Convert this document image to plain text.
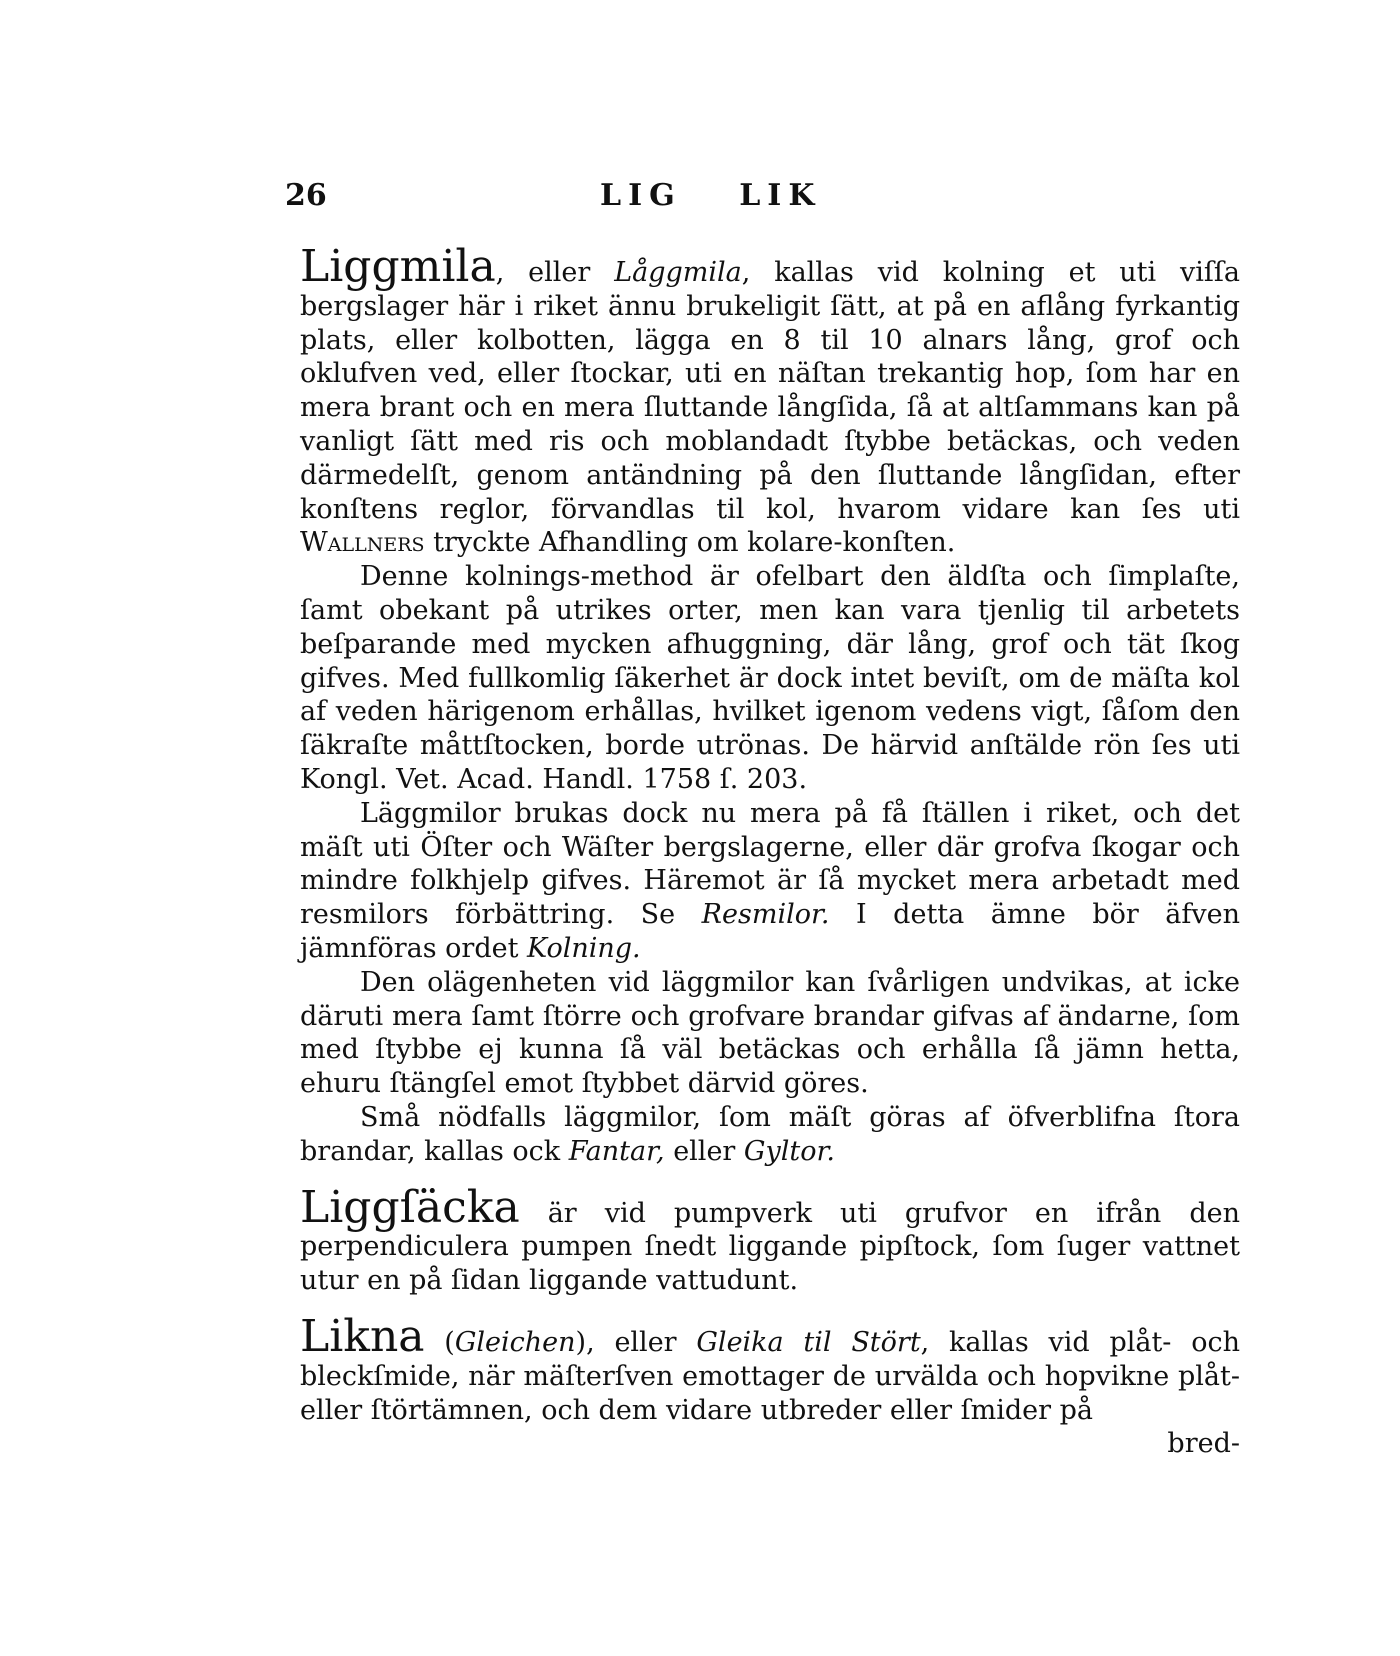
26	LIG LIK

Liggmila, eller Låggmila, kallas vid kolning et uti viſſa bergslager här i riket ännu brukeligit ſätt, at på en aflång fyrkantig plats, eller kolbotten, lägga en 8 til 10 alnars lång, grof och oklufven ved, eller ſtockar, uti en näſtan trekantig hop, ſom har en mera brant och en mera ſluttande långſida, ſå at altſammans kan på vanligt ſätt med ris och moblandadt ſtybbe betäckas, och veden därmedelſt, genom antändning på den ſluttande långſidan, efter konſtens reglor, förvandlas til kol, hvarom vidare kan ſes uti Wallners tryckte Afhandling om kolare-konſten.

Denne kolnings-method är ofelbart den äldſta och ſimplaſte, ſamt obekant på utrikes orter, men kan vara tjenlig til arbetets beſparande med mycken afhuggning, där lång, grof och tät ſkog gifves. Med fullkomlig ſäkerhet är dock intet beviſt, om de mäſta kol af veden härigenom erhållas, hvilket igenom vedens vigt, ſåſom den ſäkraſte måttſtocken, borde utrönas. De härvid anſtälde rön ſes uti Kongl. Vet. Acad. Handl. 1758 ſ. 203.

Läggmilor brukas dock nu mera på få ſtällen i riket, och det mäſt uti Öſter och Wäſter bergslagerne, eller där grofva ſkogar och mindre folkhjelp gifves. Häremot är ſå mycket mera arbetadt med resmilors förbättring. Se Resmilor. I detta ämne bör äfven jämnföras ordet Kolning.

Den olägenheten vid läggmilor kan ſvårligen undvikas, at icke däruti mera ſamt ſtörre och grofvare brandar gifvas af ändarne, ſom med ſtybbe ej kunna ſå väl betäckas och erhålla ſå jämn hetta, ehuru ſtängſel emot ſtybbet därvid göres.

Små nödfalls läggmilor, ſom mäſt göras af öfverblifna ſtora brandar, kallas ock Fantar, eller Gyltor.

Liggſäcka är vid pumpverk uti grufvor en ifrån den perpendiculera pumpen ſnedt liggande pipſtock, ſom ſuger vattnet utur en på ſidan liggande vattudunt.

Likna (Gleichen), eller Gleika til Stört, kallas vid plåt- och bleckſmide, när mäſterſven emottager de urvälda och hopvikne plåt- eller ſtörtämnen, och dem vidare utbreder eller ſmider på

bred-
